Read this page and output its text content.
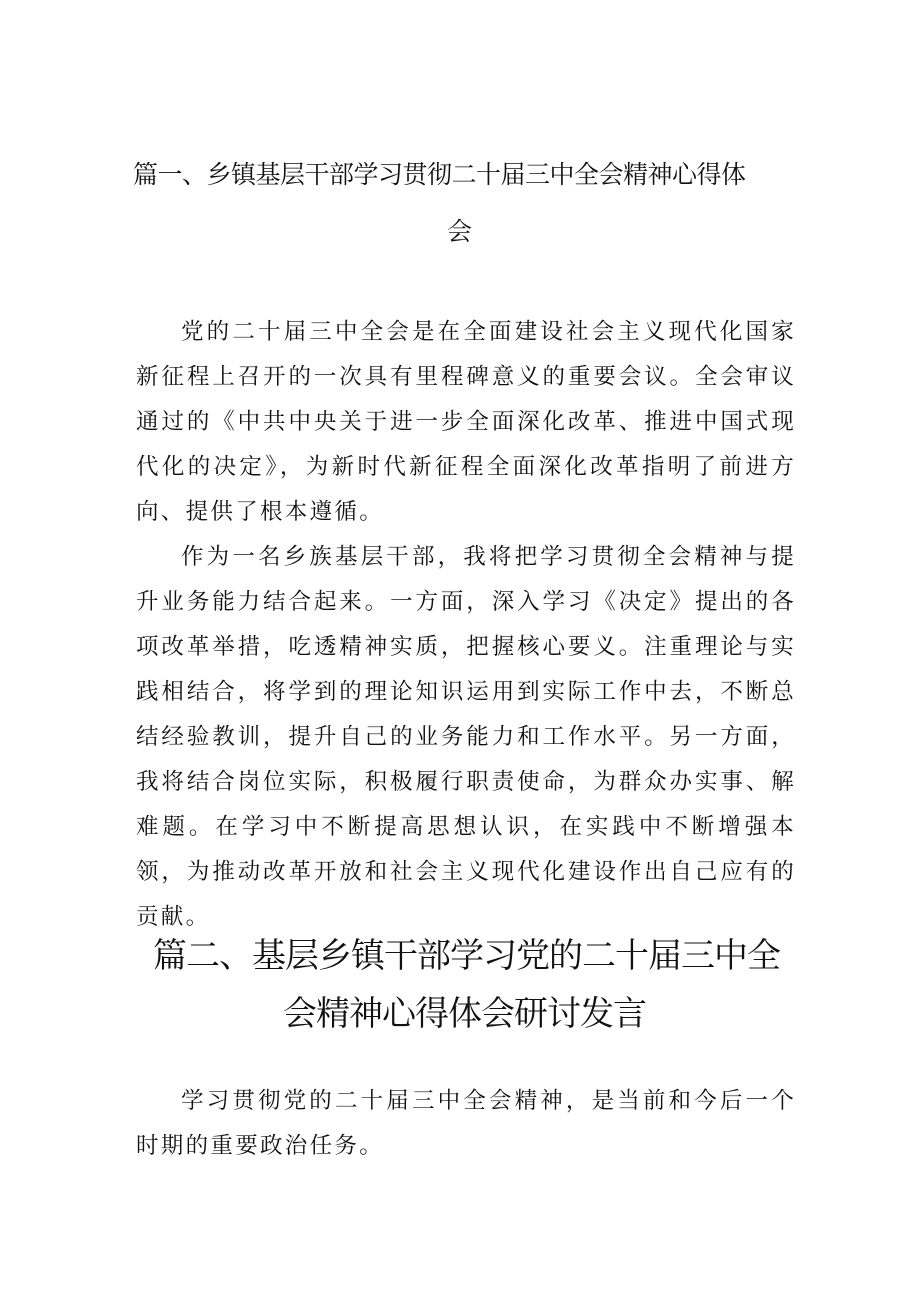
篇一、乡镇基层干部学习贯彻二十届三中全会精神心得体
会

党的二十届三中全会是在全面建设社会主义现代化国家新征程上召开的一次具有里程碑意义的重要会议。全会审议通过的《中共中央关于进一步全面深化改革、推进中国式现代化的决定》，为新时代新征程全面深化改革指明了前进方向、提供了根本遵循。

作为一名乡族基层干部，我将把学习贯彻全会精神与提升业务能力结合起来。一方面，深入学习《决定》提出的各项改革举措，吃透精神实质，把握核心要义。注重理论与实践相结合，将学到的理论知识运用到实际工作中去，不断总结经验教训，提升自己的业务能力和工作水平。另一方面，我将结合岗位实际，积极履行职责使命，为群众办实事、解难题。在学习中不断提高思想认识，在实践中不断增强本领，为推动改革开放和社会主义现代化建设作出自己应有的贡献。

篇二、基层乡镇干部学习党的二十届三中全
会精神心得体会研讨发言

学习贯彻党的二十届三中全会精神，是当前和今后一个时期的重要政治任务。
